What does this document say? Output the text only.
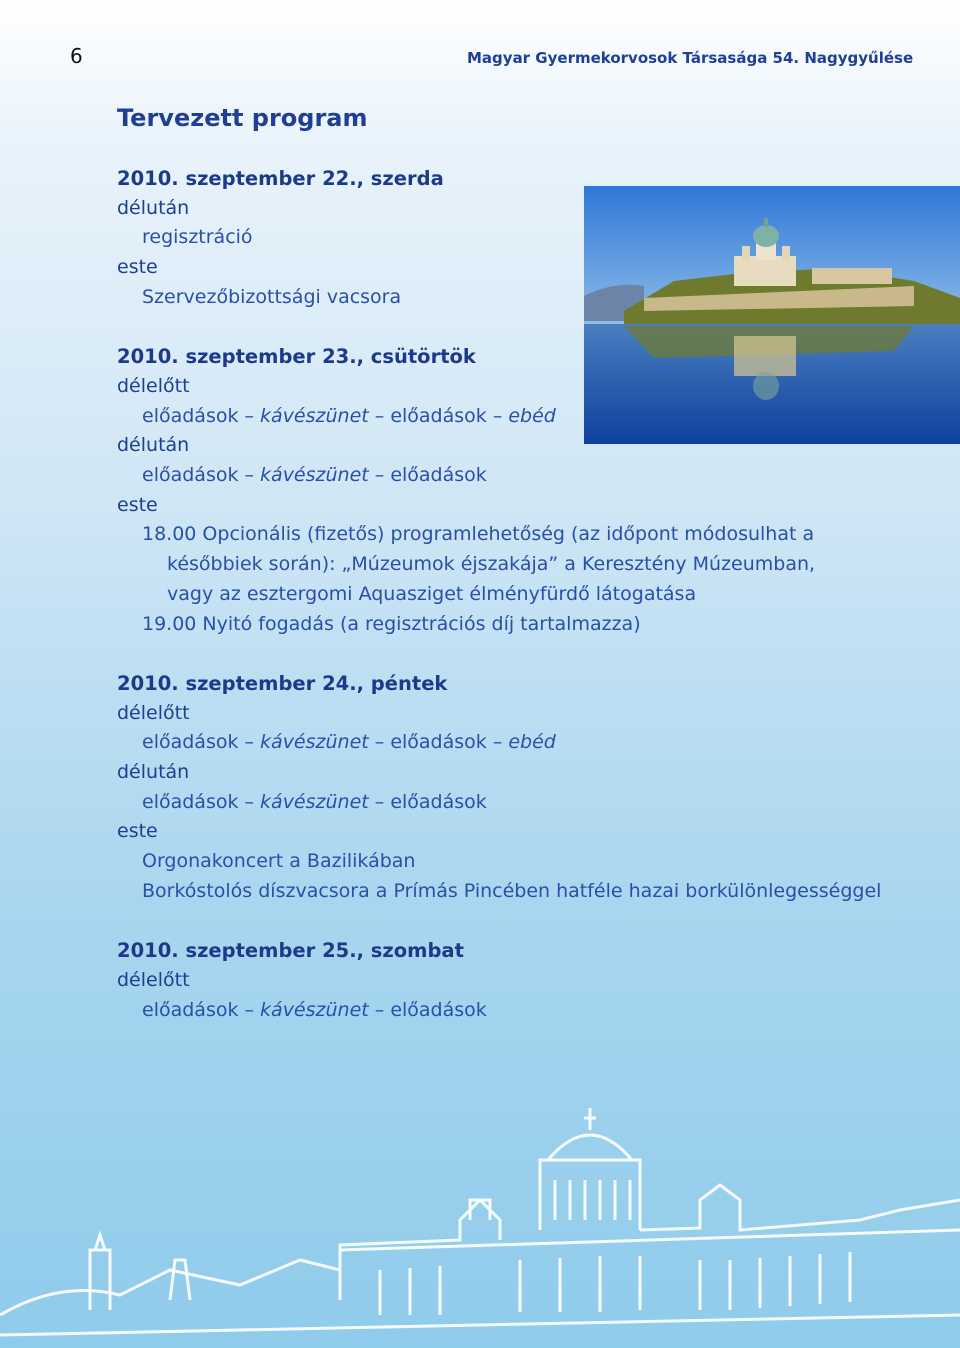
6	Magyar Gyermekorvosok Társasága 54. Nagygyűlése
Tervezett program
2010. szeptember 22., szerda
délután
regisztráció
este
Szervezőbizottsági vacsora
2010. szeptember 23., csütörtök
délelőtt
előadások – kávészünet – előadások – ebéd
délután
előadások – kávészünet – előadások
este
18.00 Opcionális (fizetős) programlehetőség (az időpont módosulhat a későbbiek során): „Múzeumok éjszakája” a Keresztény Múzeumban, vagy az esztergomi Aquasziget élményfürdő látogatása
19.00 Nyitó fogadás (a regisztrációs díj tartalmazza)
2010. szeptember 24., péntek
délelőtt
előadások – kávészünet – előadások – ebéd
délután
előadások – kávészünet – előadások
este
Orgonakoncert a Bazilikában
Borkóstolós díszvacsora a Prímás Pincében hatféle hazai borkülönlegességgel
2010. szeptember 25., szombat
délelőtt
előadások – kávészünet – előadások
